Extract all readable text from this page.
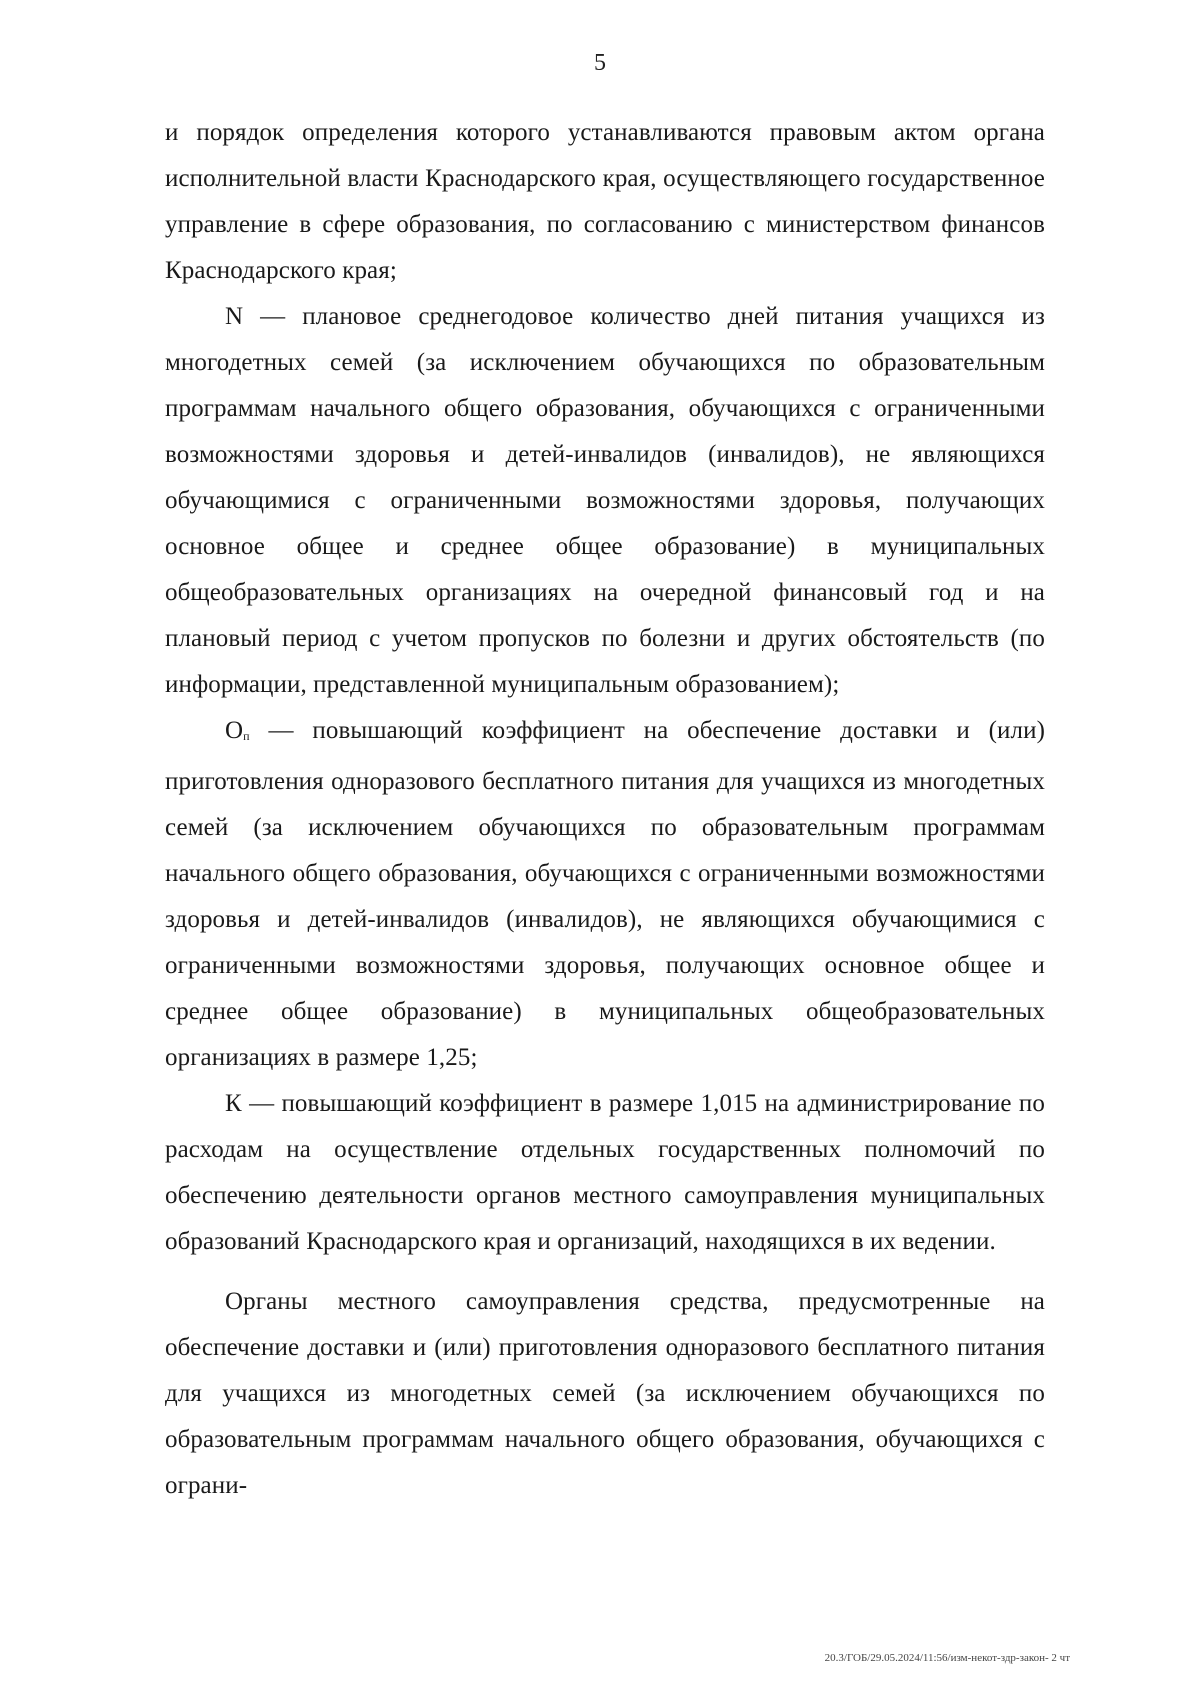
5

и порядок определения которого устанавливаются правовым актом органа исполнительной власти Краснодарского края, осуществляющего государственное управление в сфере образования, по согласованию с министерством финансов Краснодарского края;

N — плановое среднегодовое количество дней питания учащихся из многодетных семей (за исключением обучающихся по образовательным программам начального общего образования, обучающихся с ограниченными возможностями здоровья и детей-инвалидов (инвалидов), не являющихся обучающимися с ограниченными возможностями здоровья, получающих основное общее и среднее общее образование) в муниципальных общеобразовательных организациях на очередной финансовый год и на плановый период с учетом пропусков по болезни и других обстоятельств (по информации, представленной муниципальным образованием);

Оп — повышающий коэффициент на обеспечение доставки и (или) приготовления одноразового бесплатного питания для учащихся из многодетных семей (за исключением обучающихся по образовательным программам начального общего образования, обучающихся с ограниченными возможностями здоровья и детей-инвалидов (инвалидов), не являющихся обучающимися с ограниченными возможностями здоровья, получающих основное общее и среднее общее образование) в муниципальных общеобразовательных организациях в размере 1,25;

К — повышающий коэффициент в размере 1,015 на администрирование по расходам на осуществление отдельных государственных полномочий по обеспечению деятельности органов местного самоуправления муниципальных образований Краснодарского края и организаций, находящихся в их ведении.

Органы местного самоуправления средства, предусмотренные на обеспечение доставки и (или) приготовления одноразового бесплатного питания для учащихся из многодетных семей (за исключением обучающихся по образовательным программам начального общего образования, обучающихся с ограни-

20.3/ГОБ/29.05.2024/11:56/изм-некот-здр-закон- 2 чт
